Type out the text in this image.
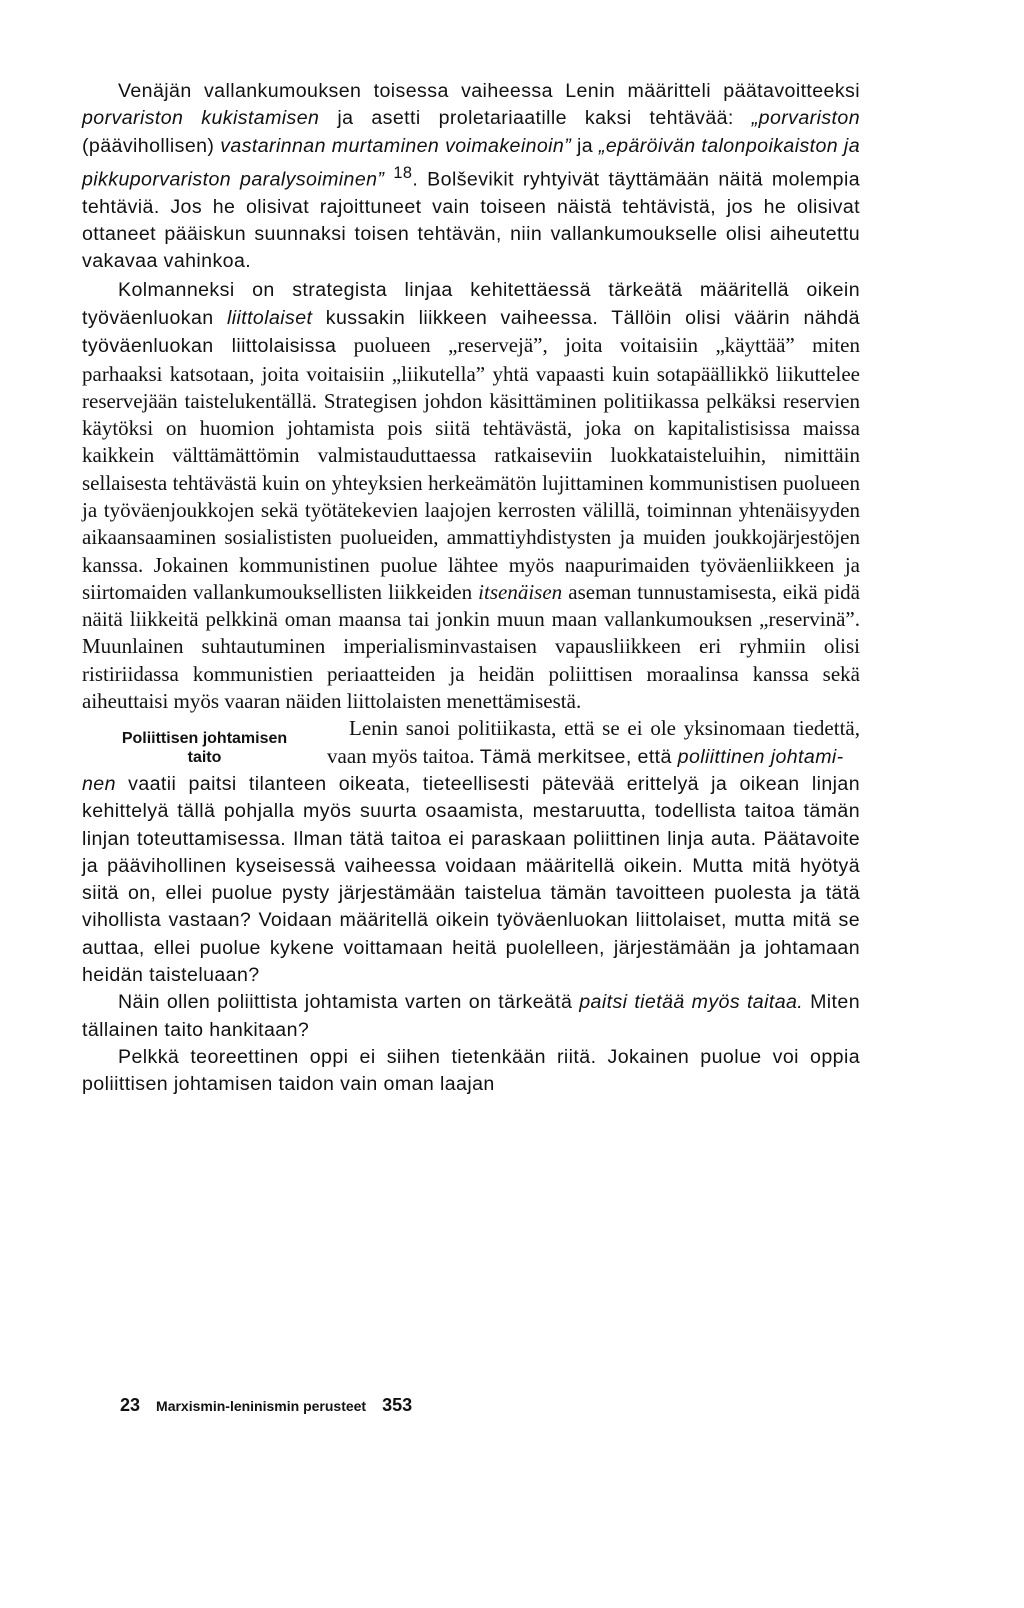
Venäjän vallankumouksen toisessa vaiheessa Lenin määritteli päätavoitteeksi porvariston kukistamisen ja asetti proletariaatille kaksi tehtävää: „porvariston (päävihollisen) vastarinnan murtaminen voimakeinoin” ja „epäröivän talonpoikaiston ja pikkuporvariston paralysoiminen” $^{18}$. Bolševikit ryhtyivät täyttämään näitä molempia tehtäviä. Jos he olisivat rajoittuneet vain toiseen näistä tehtävistä, jos he olisivat ottaneet pääiskun suunnaksi toisen tehtävän, niin vallankumoukselle olisi aiheutettu vakavaa vahinkoa.

Kolmanneksi on strategista linjaa kehitettäessä tärkeätä määritellä oikein työväenluokan liittolaiset kussakin liikkeen vaiheessa. Tällöin olisi väärin nähdä työväenluokan liittolaisissa puolueen „reservejä”, joita voitaisiin „käyttää” miten parhaaksi katsotaan, joita voitaisiin „liikutella” yhtä vapaasti kuin sotapäällikkö liikuttelee reservejään taistelukentällä. Strategisen johdon käsittäminen politiikassa pelkäksi reservien käytöksi on huomion johtamista pois siitä tehtävästä, joka on kapitalistisissa maissa kaikkein välttämättömin valmistauduttaessa ratkaiseviin luokkataisteluihin, nimittäin sellaisesta tehtävästä kuin on yhteyksien herkeämätön lujittaminen kommunistisen puolueen ja työväenjoukkojen sekä työtätekevien laajojen kerrosten välillä, toiminnan yhtenäisyyden aikaansaaminen sosialististen puolueiden, ammattiyhdistysten ja muiden joukkojärjestöjen kanssa. Jokainen kommunistinen puolue lähtee myös naapurimaiden työväenliikkeen ja siirtomaiden vallankumouksellisten liikkeiden itsenäisen aseman tunnustamisesta, eikä pidä näitä liikkeitä pelkkinä oman maansa tai jonkin muun maan vallankumouksen „reservinä”. Muunlainen suhtautuminen imperialisminvastaisen vapausliikkeen eri ryhmiin olisi ristiriidassa kommunistien periaatteiden ja heidän poliittisen moraalinsa kanssa sekä aiheuttaisi myös vaaran näiden liittolaisten menettämisestä.

Poliittisen johtamisen
taito

Lenin sanoi politiikasta, että se ei ole yksinomaan tiedettä, vaan myös taitoa. Tämä merkitsee, että poliittinen johtami-

nen vaatii paitsi tilanteen oikeata, tieteellisesti pätevää erittelyä ja oikean linjan kehittelyä tällä pohjalla myös suurta osaamista, mestaruutta, todellista taitoa tämän linjan toteuttamisessa. Ilman tätä taitoa ei paraskaan poliittinen linja auta. Päätavoite ja päävihollinen kyseisessä vaiheessa voidaan määritellä oikein. Mutta mitä hyötyä siitä on, ellei puolue pysty järjestämään taistelua tämän tavoitteen puolesta ja tätä vihollista vastaan? Voidaan määritellä oikein työväenluokan liittolaiset, mutta mitä se auttaa, ellei puolue kykene voittamaan heitä puolelleen, järjestämään ja johtamaan heidän taisteluaan?

Näin ollen poliittista johtamista varten on tärkeätä paitsi tietää myös taitaa. Miten tällainen taito hankitaan?

Pelkkä teoreettinen oppi ei siihen tietenkään riitä. Jokainen puolue voi oppia poliittisen johtamisen taidon vain oman laajan

23 Marxismin-leninismin perusteet 353
